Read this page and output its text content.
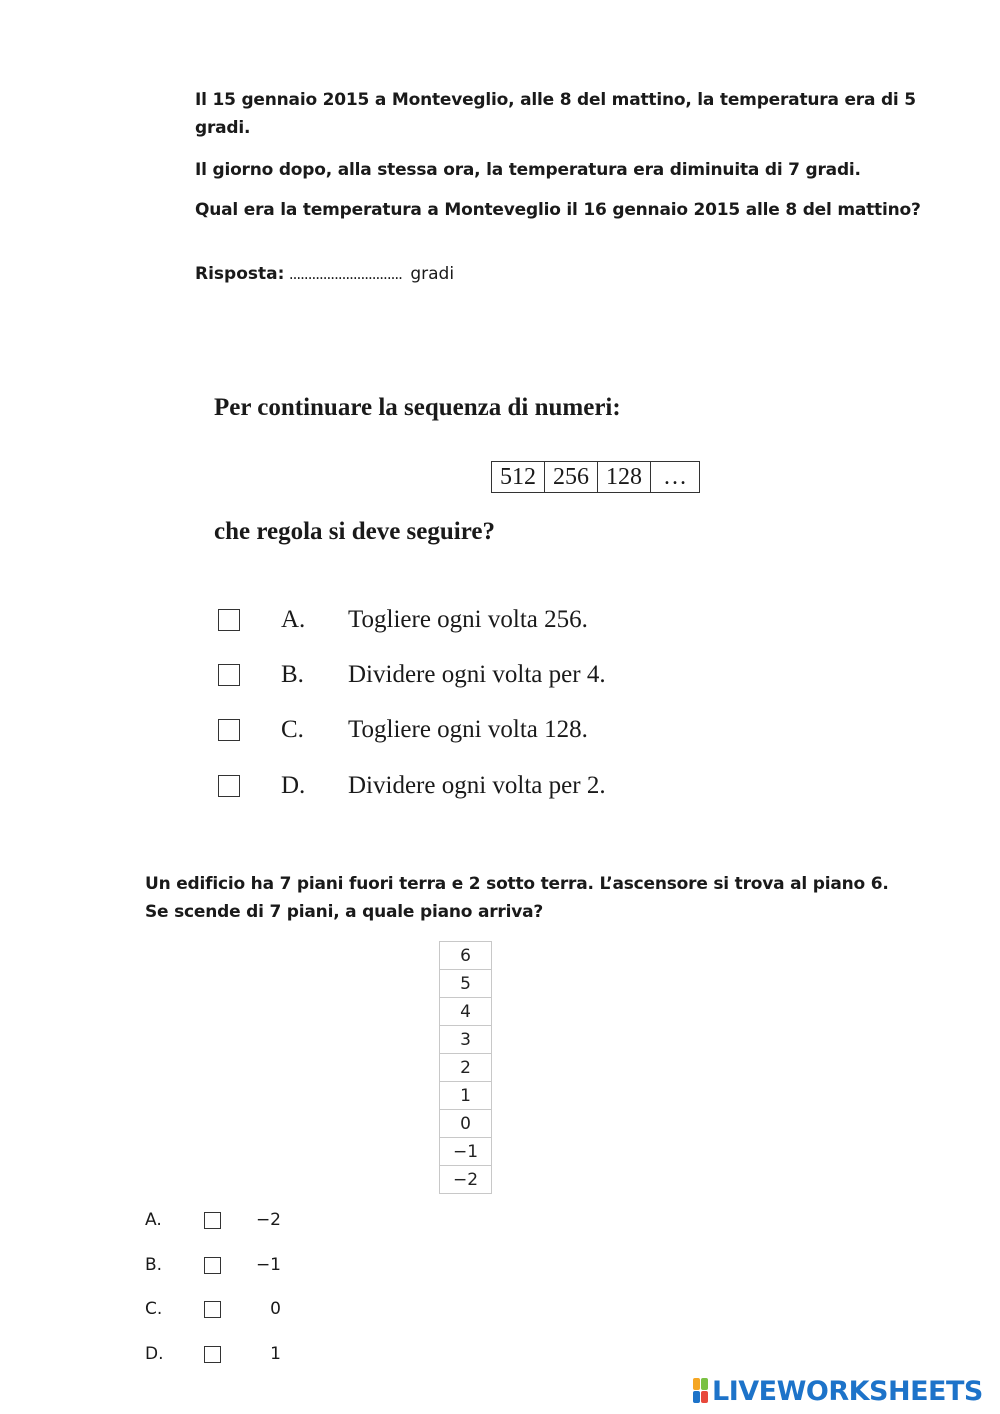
Il 15 gennaio 2015 a Monteveglio, alle 8 del mattino, la temperatura era di 5 gradi.

Il giorno dopo, alla stessa ora, la temperatura era diminuita di 7 gradi.

Qual era la temperatura a Monteveglio il 16 gennaio 2015 alle 8 del mattino?

Risposta: .............................. gradi
Per continuare la sequenza di numeri:
512	256	128	…
che regola si deve seguire?
A. Togliere ogni volta 256.
B. Dividere ogni volta per 4.
C. Togliere ogni volta 128.
D. Dividere ogni volta per 2.

Un edificio ha 7 piani fuori terra e 2 sotto terra. L’ascensore si trova al piano 6.

Se scende di 7 piani, a quale piano arriva?

6
5
4
3
2
1
0
−1
−2
A.	−2
B.	−1
C.	0
D.	1
LIVEWORKSHEETS
